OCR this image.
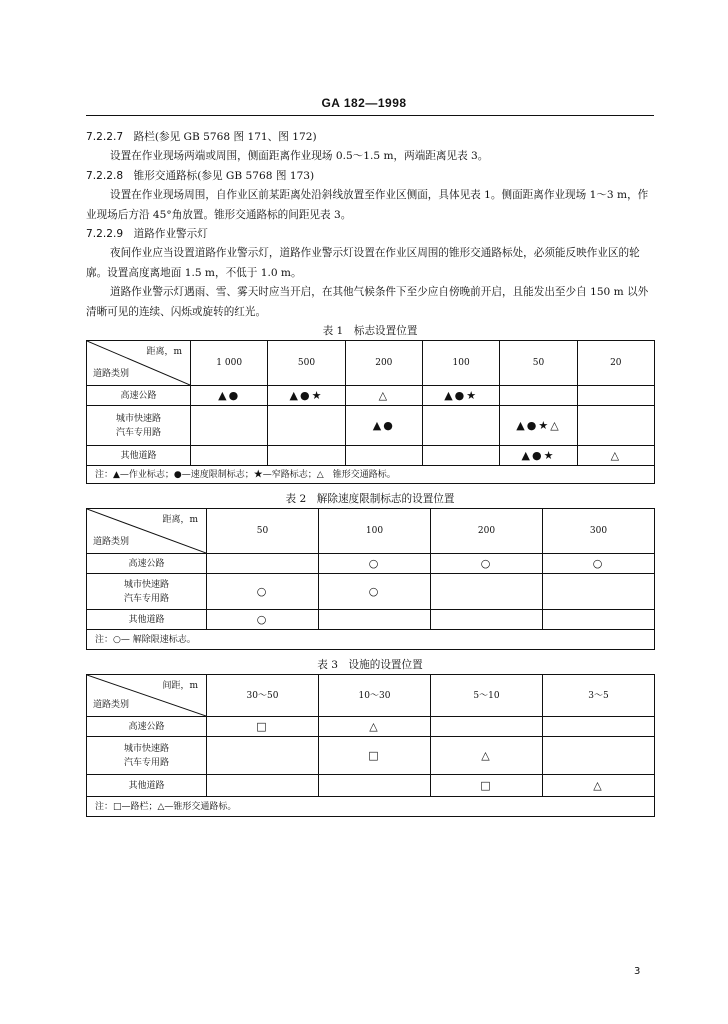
GA 182—1998

7.2.2.7　 路栏(参见 GB 5768 图 171、图 172)

设置在作业现场两端或周围，侧面距离作业现场 0.5～1.5 m，两端距离见表 3。

7.2.2.8　 锥形交通路标(参见 GB 5768 图 173)

设置在作业现场周围，自作业区前某距离处沿斜线放置至作业区侧面，具体见表 1。侧面距离作业现场 1～3 m，作业现场后方沿 45°角放置。锥形交通路标的间距见表 3。

7.2.2.9　 道路作业警示灯

夜间作业应当设置道路作业警示灯，道路作业警示灯设置在作业区周围的锥形交通路标处，必须能反映作业区的轮廓。设置高度离地面 1.5 m，不低于 1.0 m。

道路作业警示灯遇雨、雪、雾天时应当开启，在其他气候条件下至少应自傍晚前开启，且能发出至少自 150 m 以外清晰可见的连续、闪烁或旋转的红光。

表 1　标志设置位置

距离，m
道路类别	1 000	500	200	100	50	20
高速公路	▲●	▲●★	△	▲●★		
城市快速路
汽车专用路			▲●		▲●★△	
其他道路					▲●★	△
注：▲—作业标志；●—速度限制标志；★—窄路标志；△　锥形交通路标。						

表 2　解除速度限制标志的设置位置

距离，m
道路类别	50	100	200	300
高速公路		○	○	○
城市快速路
汽车专用路	○	○		
其他道路	○			
注：○— 解除限速标志。				

表 3　设施的设置位置

间距，m
道路类别	30～50	10～30	5～10	3～5
高速公路	□	△		
城市快速路
汽车专用路		□	△	
其他道路			□	△
注：□—路栏；△—锥形交通路标。				
3
